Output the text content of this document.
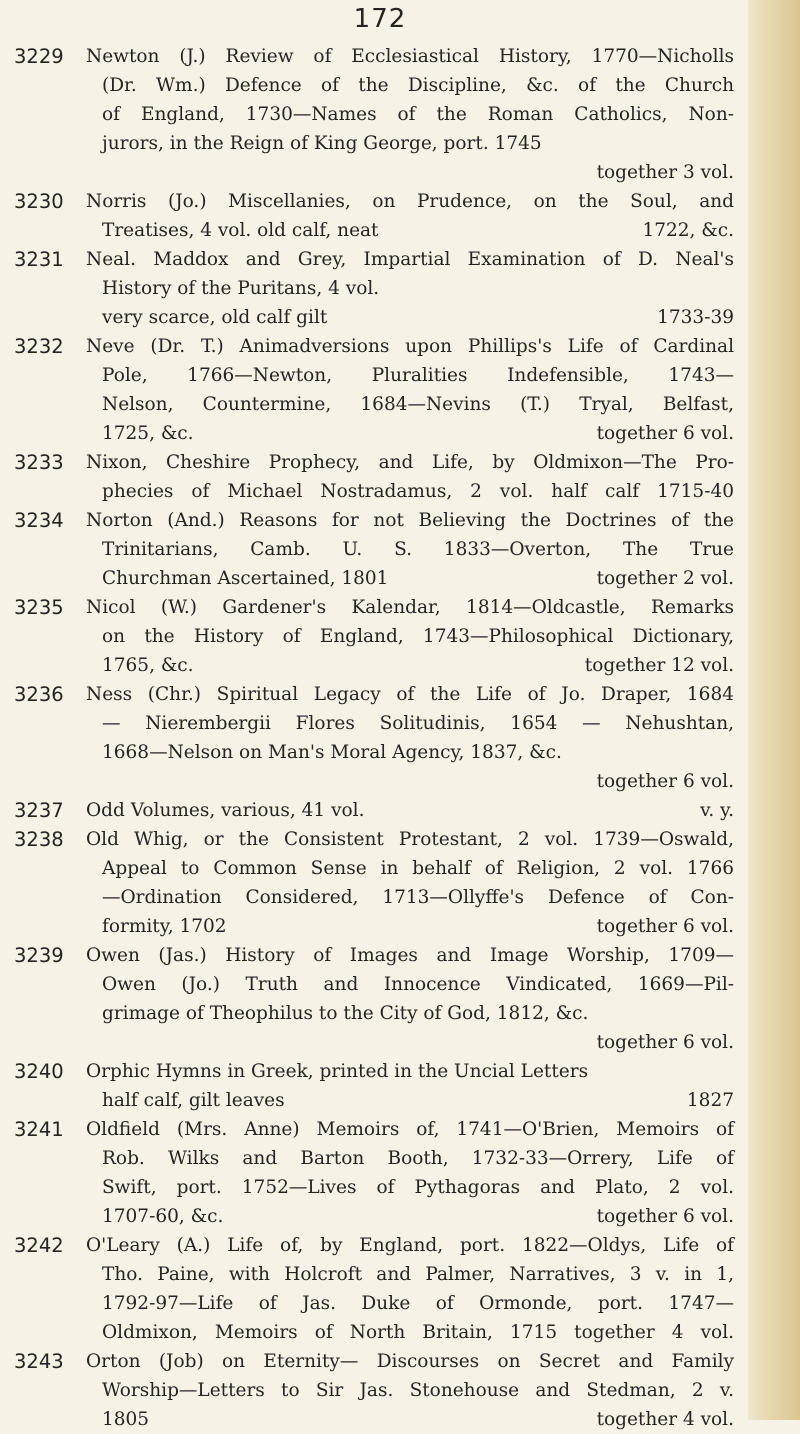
172
3229	Newton (J.) Review of Ecclesiastical History, 1770—Nicholls
(Dr. Wm.) Defence of the Discipline, &c. of the Church
of England, 1730—Names of the Roman Catholics, Non-
jurors, in the Reign of King George, port. 1745
together 3 vol.
3230	Norris (Jo.) Miscellanies, on Prudence, on the Soul, and
Treatises, 4 vol. old calf, neat	1722, &c.
3231	Neal. Maddox and Grey, Impartial Examination of D. Neal's
History of the Puritans, 4 vol.
very scarce, old calf gilt	1733-39
3232	Neve (Dr. T.) Animadversions upon Phillips's Life of Cardinal
Pole, 1766—Newton, Pluralities Indefensible, 1743—
Nelson, Countermine, 1684—Nevins (T.) Tryal, Belfast,
1725, &c.	together 6 vol.
3233	Nixon, Cheshire Prophecy, and Life, by Oldmixon—The Pro-
phecies of Michael Nostradamus, 2 vol. half calf 1715-40
3234	Norton (And.) Reasons for not Believing the Doctrines of the
Trinitarians, Camb. U. S. 1833—Overton, The True
Churchman Ascertained, 1801	together 2 vol.
3235	Nicol (W.) Gardener's Kalendar, 1814—Oldcastle, Remarks
on the History of England, 1743—Philosophical Dictionary,
1765, &c.	together 12 vol.
3236	Ness (Chr.) Spiritual Legacy of the Life of Jo. Draper, 1684
— Nierembergii Flores Solitudinis, 1654 — Nehushtan,
1668—Nelson on Man's Moral Agency, 1837, &c.
together 6 vol.
3237	Odd Volumes, various, 41 vol.	v. y.
3238	Old Whig, or the Consistent Protestant, 2 vol. 1739—Oswald,
Appeal to Common Sense in behalf of Religion, 2 vol. 1766
—Ordination Considered, 1713—Ollyffe's Defence of Con-
formity, 1702	together 6 vol.
3239	Owen (Jas.) History of Images and Image Worship, 1709—
Owen (Jo.) Truth and Innocence Vindicated, 1669—Pil-
grimage of Theophilus to the City of God, 1812, &c.
together 6 vol.
3240	Orphic Hymns in Greek, printed in the Uncial Letters
half calf, gilt leaves	1827
3241	Oldfield (Mrs. Anne) Memoirs of, 1741—O'Brien, Memoirs of
Rob. Wilks and Barton Booth, 1732-33—Orrery, Life of
Swift, port. 1752—Lives of Pythagoras and Plato, 2 vol.
1707-60, &c.	together 6 vol.
3242	O'Leary (A.) Life of, by England, port. 1822—Oldys, Life of
Tho. Paine, with Holcroft and Palmer, Narratives, 3 v. in 1,
1792-97—Life of Jas. Duke of Ormonde, port. 1747—
Oldmixon, Memoirs of North Britain, 1715 together 4 vol.
3243	Orton (Job) on Eternity— Discourses on Secret and Family
Worship—Letters to Sir Jas. Stonehouse and Stedman, 2 v.
1805	together 4 vol.
